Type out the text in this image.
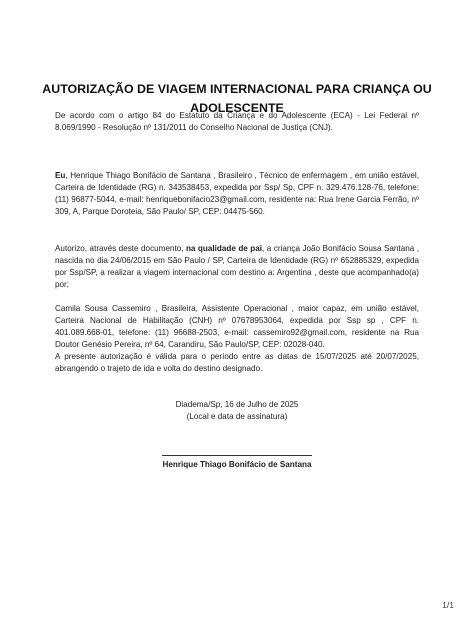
AUTORIZAÇÃO DE VIAGEM INTERNACIONAL PARA CRIANÇA OU
ADOLESCENTE

De acordo com o artigo 84 do Estatuto da Criança e do Adolescente (ECA) - Lei Federal nº 8.069/1990 - Resolução nº 131/2011 do Conselho Nacional de Justiça (CNJ).

Eu, Henrique Thiago Bonifácio de Santana , Brasileiro , Técnico de enfermagem , em união estável, Carteira de Identidade (RG) n. 343538453, expedida por Ssp/ Sp, CPF n. 329.476.128-76, telefone: (11) 96877-5044, e-mail: henriquebonifacio23@gmail.com, residente na: Rua Irene Garcia Ferrão, nº 309, A, Parque Doroteia, São Paulo/ SP, CEP: 04475-560.

Autorizo, através deste documento, na qualidade de pai, a criança João Bonifácio Sousa Santana , nascida no dia 24/06/2015 em São Paulo / SP, Carteira de Identidade (RG) nº 652885329, expedida por Ssp/SP, a realizar a viagem internacional com destino a: Argentina , deste que acompanhado(a) por;

Camila Sousa Cassemiro , Brasileira, Assistente Operacional , maior capaz, em união estável, Carteira Nacional de Habilitação (CNH) nº 07678953064, expedida por Ssp sp , CPF n. 401.089.668-01, telefone: (11) 96688-2503, e-mail: cassemiro92@gmail.com, residente na Rua Doutor Genésio Pereira, nº 64, Carandiru, São Paulo/SP, CEP: 02028-040.

A presente autorização é válida para o período entre as datas de 15/07/2025 até 20/07/2025, abrangendo o trajeto de ida e volta do destino designado.

Diadema/Sp, 16 de Julho de 2025
(Local e data de assinatura)
Henrique Thiago Bonifácio de Santana
1/1
